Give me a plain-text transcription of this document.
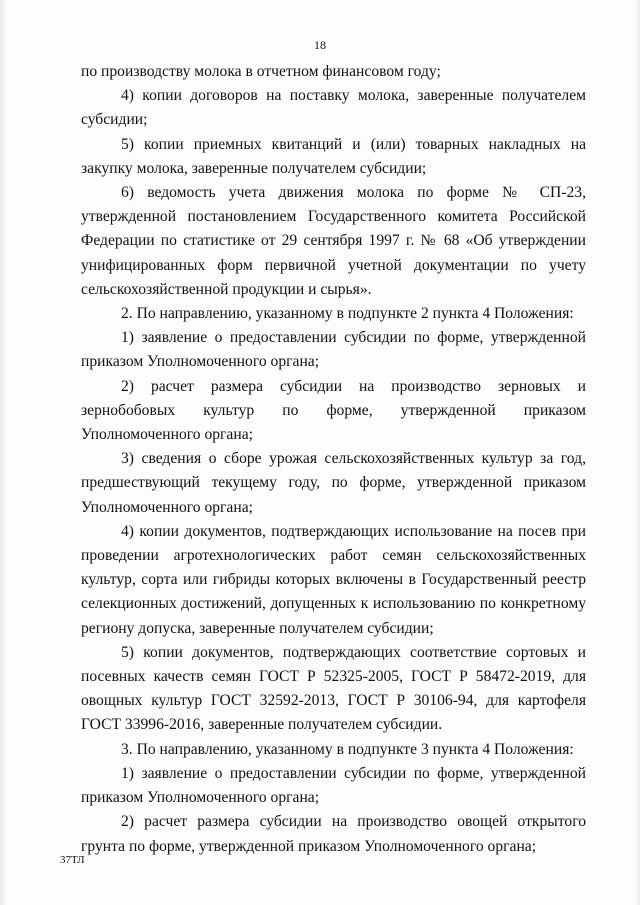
18

по производству молока в отчетном финансовом году;

4) копии договоров на поставку молока, заверенные получателем субсидии;

5) копии приемных квитанций и (или) товарных накладных на закупку молока, заверенные получателем субсидии;

6) ведомость учета движения молока по форме № СП-23, утвержденной постановлением Государственного комитета Российской Федерации по статистике от 29 сентября 1997 г. № 68 «Об утверждении унифицированных форм первичной учетной документации по учету сельскохозяйственной продукции и сырья».

2. По направлению, указанному в подпункте 2 пункта 4 Положения:

1) заявление о предоставлении субсидии по форме, утвержденной приказом Уполномоченного органа;

2) расчет размера субсидии на производство зерновых и зернобобовых культур по форме, утвержденной приказом Уполномоченного органа;

3) сведения о сборе урожая сельскохозяйственных культур за год, предшествующий текущему году, по форме, утвержденной приказом Уполномоченного органа;

4) копии документов, подтверждающих использование на посев при проведении агротехнологических работ семян сельскохозяйственных культур, сорта или гибриды которых включены в Государственный реестр селекционных достижений, допущенных к использованию по конкретному региону допуска, заверенные получателем субсидии;

5) копии документов, подтверждающих соответствие сортовых и посевных качеств семян ГОСТ Р 52325-2005, ГОСТ Р 58472-2019, для овощных культур ГОСТ 32592-2013, ГОСТ Р 30106-94, для картофеля ГОСТ 33996-2016, заверенные получателем субсидии.

3. По направлению, указанному в подпункте 3 пункта 4 Положения:

1) заявление о предоставлении субсидии по форме, утвержденной приказом Уполномоченного органа;

2) расчет размера субсидии на производство овощей открытого грунта по форме, утвержденной приказом Уполномоченного органа;

37ТЛ
